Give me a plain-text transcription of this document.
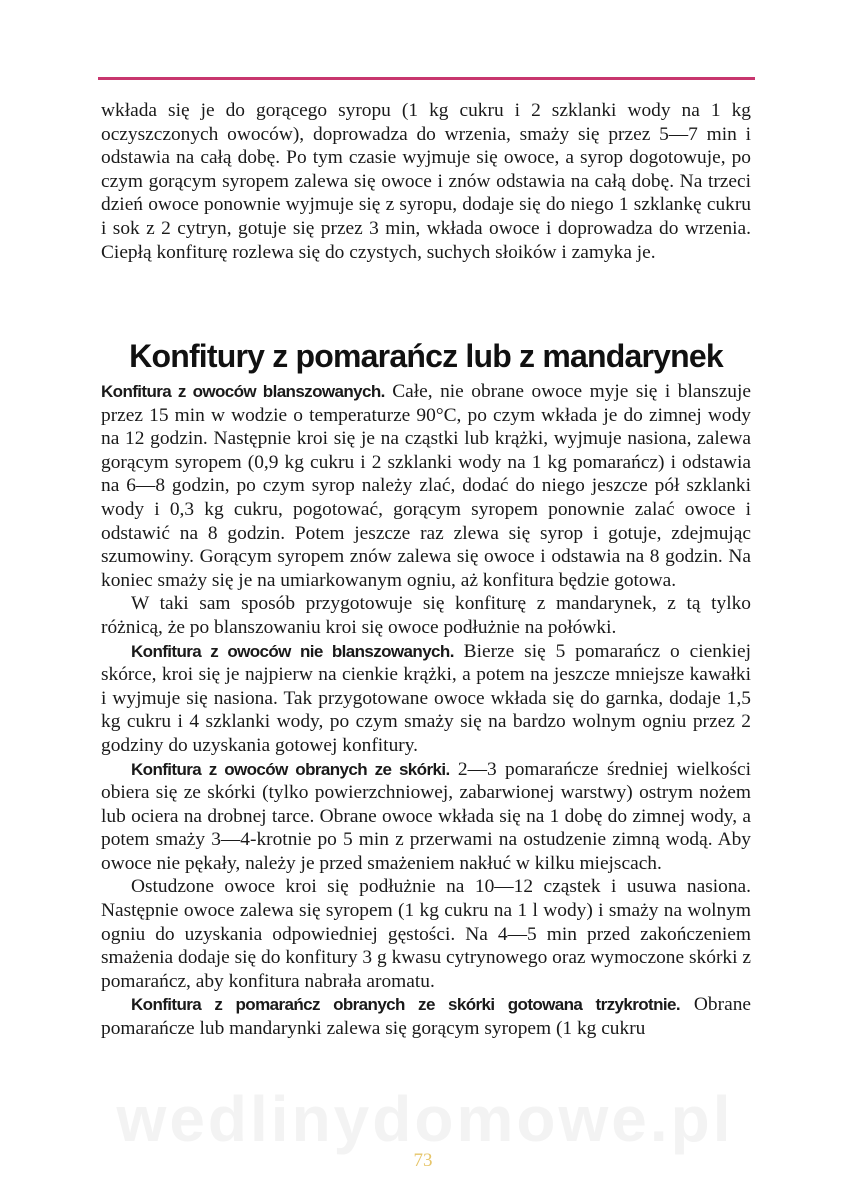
wkłada się je do gorącego syropu (1 kg cukru i 2 szklanki wody na 1 kg oczyszczonych owoców), doprowadza do wrzenia, smaży się przez 5—7 min i odstawia na całą dobę. Po tym czasie wyjmuje się owoce, a syrop dogotowuje, po czym gorącym syropem zalewa się owoce i znów odstawia na całą dobę. Na trzeci dzień owoce ponownie wyjmuje się z syropu, dodaje się do niego 1 szklankę cukru i sok z 2 cytryn, gotuje się przez 3 min, wkłada owoce i doprowadza do wrzenia. Ciepłą konfiturę rozlewa się do czystych, suchych słoików i zamyka je.

Konfitury z pomarańcz lub z mandarynek

Konfitura z owoców blanszowanych. Całe, nie obrane owoce myje się i blanszuje przez 15 min w wodzie o temperaturze 90°C, po czym wkłada je do zimnej wody na 12 godzin. Następnie kroi się je na cząstki lub krążki, wyjmuje nasiona, zalewa gorącym syropem (0,9 kg cukru i 2 szklanki wody na 1 kg pomarańcz) i odstawia na 6—8 godzin, po czym syrop należy zlać, dodać do niego jeszcze pół szklanki wody i 0,3 kg cukru, pogotować, gorącym syropem ponownie zalać owoce i odstawić na 8 godzin. Potem jeszcze raz zlewa się syrop i gotuje, zdejmując szumowiny. Gorącym syropem znów zalewa się owoce i odstawia na 8 godzin. Na koniec smaży się je na umiarkowanym ogniu, aż konfitura będzie gotowa.

W taki sam sposób przygotowuje się konfiturę z mandarynek, z tą tylko różnicą, że po blanszowaniu kroi się owoce podłużnie na połówki.

Konfitura z owoców nie blanszowanych. Bierze się 5 pomarańcz o cienkiej skórce, kroi się je najpierw na cienkie krążki, a potem na jeszcze mniejsze kawałki i wyjmuje się nasiona. Tak przygotowane owoce wkłada się do garnka, dodaje 1,5 kg cukru i 4 szklanki wody, po czym smaży się na bardzo wolnym ogniu przez 2 godziny do uzyskania gotowej konfitury.

Konfitura z owoców obranych ze skórki. 2—3 pomarańcze średniej wielkości obiera się ze skórki (tylko powierzchniowej, zabarwionej warstwy) ostrym nożem lub ociera na drobnej tarce. Obrane owoce wkłada się na 1 dobę do zimnej wody, a potem smaży 3—4-krotnie po 5 min z przerwami na ostudzenie zimną wodą. Aby owoce nie pękały, należy je przed smażeniem nakłuć w kilku miejscach.

Ostudzone owoce kroi się podłużnie na 10—12 cząstek i usuwa nasiona. Następnie owoce zalewa się syropem (1 kg cukru na 1 l wody) i smaży na wolnym ogniu do uzyskania odpowiedniej gęstości. Na 4—5 min przed zakończeniem smażenia dodaje się do konfitury 3 g kwasu cytrynowego oraz wymoczone skórki z pomarańcz, aby konfitura nabrała aromatu.

Konfitura z pomarańcz obranych ze skórki gotowana trzykrotnie. Obrane pomarańcze lub mandarynki zalewa się gorącym syropem (1 kg cukru

wedlinydomowe.pl
73
